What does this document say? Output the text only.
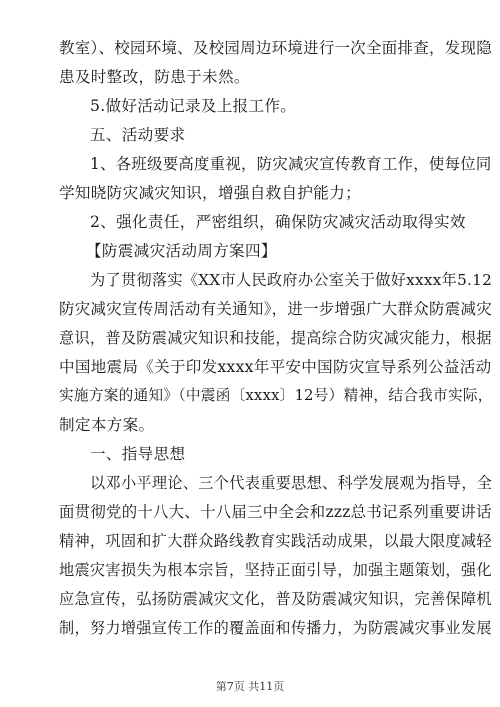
教室）、校园环境、及校园周边环境进行一次全面排查，发现隐
患及时整改，防患于未然。
5.做好活动记录及上报工作。
五、活动要求
1、各班级要高度重视，防灾减灾宣传教育工作，使每位同
学知晓防灾减灾知识，增强自救自护能力；
2、强化责任，严密组织，确保防灾减灾活动取得实效
【防震减灾活动周方案四】
为了贯彻落实《XX市人民政府办公室关于做好xxxx年5.12
防灾减灾宣传周活动有关通知》，进一步增强广大群众防震减灾
意识，普及防震减灾知识和技能，提高综合防灾减灾能力，根据
中国地震局《关于印发xxxx年平安中国防灾宣导系列公益活动
实施方案的通知》（中震函〔xxxx〕12号）精神，结合我市实际，
制定本方案。
一、指导思想
以邓小平理论、三个代表重要思想、科学发展观为指导，全
面贯彻党的十八大、十八届三中全会和zzz总书记系列重要讲话
精神，巩固和扩大群众路线教育实践活动成果，以最大限度减轻
地震灾害损失为根本宗旨，坚持正面引导，加强主题策划，强化
应急宣传，弘扬防震减灾文化，普及防震减灾知识，完善保障机
制，努力增强宣传工作的覆盖面和传播力，为防震减灾事业发展
第7页 共11页
